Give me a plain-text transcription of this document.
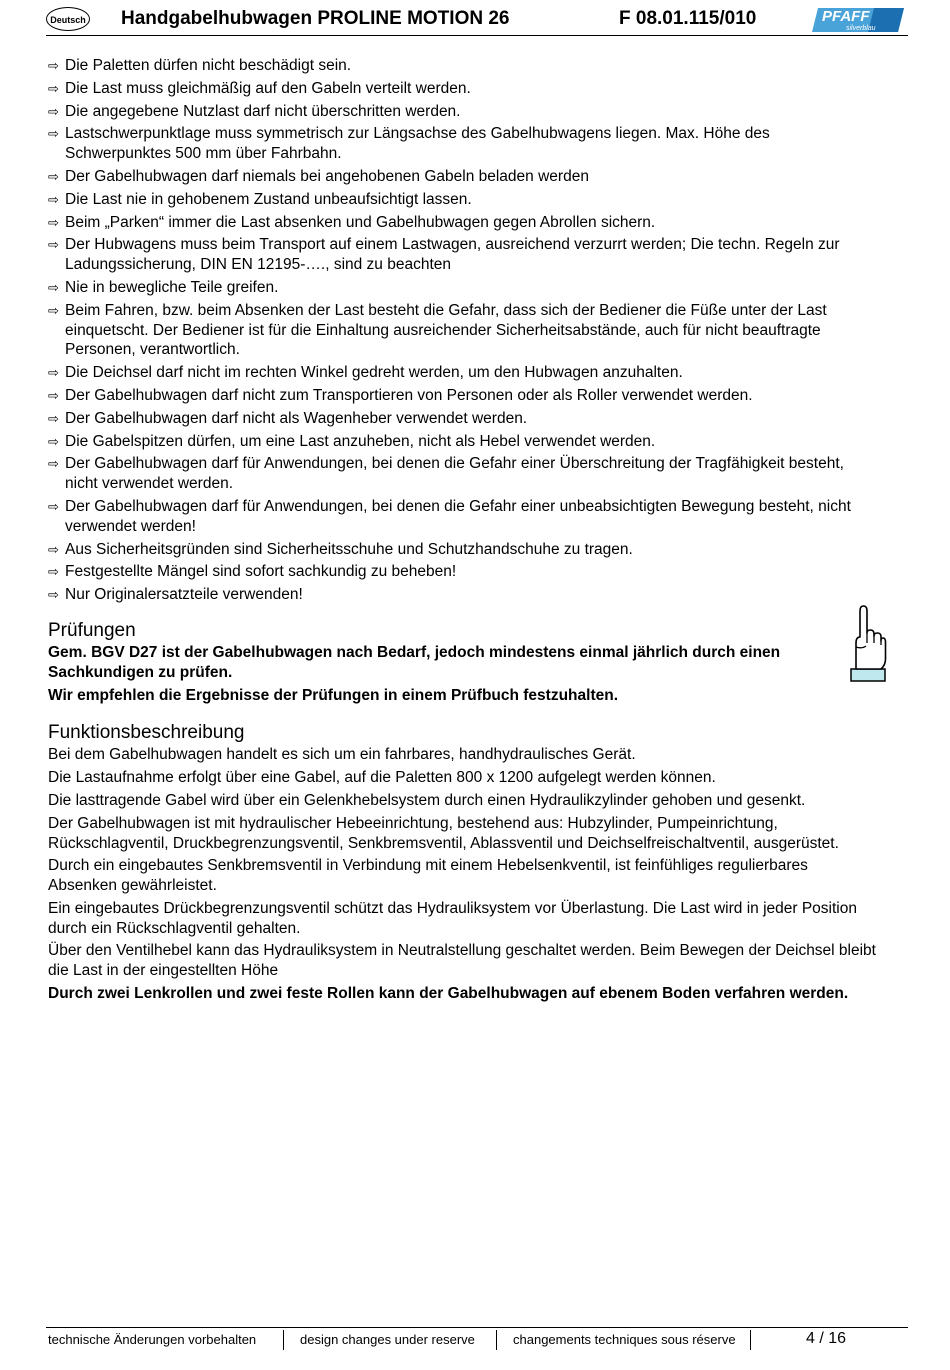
Deutsch Handgabelhubwagen PROLINE MOTION 26	F 08.01.115/010	PFAFF
silverblau
⇨ Die Paletten dürfen nicht beschädigt sein.
⇨ Die Last muss gleichmäßig auf den Gabeln verteilt werden.
⇨ Die angegebene Nutzlast darf nicht überschritten werden.
⇨ Lastschwerpunktlage muss symmetrisch zur Längsachse des Gabelhubwagens liegen. Max. Höhe des Schwerpunktes 500 mm über Fahrbahn.
⇨ Der Gabelhubwagen darf niemals bei angehobenen Gabeln beladen werden
⇨ Die Last nie in gehobenem Zustand unbeaufsichtigt lassen.
⇨ Beim „Parken“ immer die Last absenken und Gabelhubwagen gegen Abrollen sichern.
⇨ Der Hubwagens muss beim Transport auf einem Lastwagen, ausreichend verzurrt werden; Die techn. Regeln zur Ladungssicherung, DIN EN 12195-…., sind zu beachten
⇨ Nie in bewegliche Teile greifen.
⇨ Beim Fahren, bzw. beim Absenken der Last besteht die Gefahr, dass sich der Bediener die Füße unter der Last einquetscht. Der Bediener ist für die Einhaltung ausreichender Sicherheitsabstände, auch für nicht beauftragte Personen, verantwortlich.
⇨ Die Deichsel darf nicht im rechten Winkel gedreht werden, um den Hubwagen anzuhalten.
⇨ Der Gabelhubwagen darf nicht zum Transportieren von Personen oder als Roller verwendet werden.
⇨ Der Gabelhubwagen darf nicht als Wagenheber verwendet werden.
⇨ Die Gabelspitzen dürfen, um eine Last anzuheben, nicht als Hebel verwendet werden.
⇨ Der Gabelhubwagen darf für Anwendungen, bei denen die Gefahr einer Überschreitung der Tragfähigkeit besteht, nicht verwendet werden.
⇨ Der Gabelhubwagen darf für Anwendungen, bei denen die Gefahr einer unbeabsichtigten Bewegung besteht, nicht verwendet werden!
⇨ Aus Sicherheitsgründen sind Sicherheitsschuhe und Schutzhandschuhe zu tragen.
⇨ Festgestellte Mängel sind sofort sachkundig zu beheben!
⇨ Nur Originalersatzteile verwenden!
Prüfungen

Gem. BGV D27 ist der Gabelhubwagen nach Bedarf, jedoch mindestens einmal jährlich durch einen Sachkundigen zu prüfen.

Wir empfehlen die Ergebnisse der Prüfungen in einem Prüfbuch festzuhalten.

Funktionsbeschreibung

Bei dem Gabelhubwagen handelt es sich um ein fahrbares, handhydraulisches Gerät.

Die Lastaufnahme erfolgt über eine Gabel, auf die Paletten 800 x 1200 aufgelegt werden können.

Die lasttragende Gabel wird über ein Gelenkhebelsystem durch einen Hydraulikzylinder gehoben und gesenkt.

Der Gabelhubwagen ist mit hydraulischer Hebeeinrichtung, bestehend aus: Hubzylinder, Pumpeinrichtung, Rückschlagventil, Druckbegrenzungsventil, Senkbremsventil, Ablassventil und Deichselfreischaltventil, ausgerüstet.

Durch ein eingebautes Senkbremsventil in Verbindung mit einem Hebelsenkventil, ist feinfühliges regulierbares Absenken gewährleistet.

Ein eingebautes Drückbegrenzungsventil schützt das Hydrauliksystem vor Überlastung. Die Last wird in jeder Position durch ein Rückschlagventil gehalten.

Über den Ventilhebel kann das Hydrauliksystem in Neutralstellung geschaltet werden. Beim Bewegen der Deichsel bleibt die Last in der eingestellten Höhe

Durch zwei Lenkrollen und zwei feste Rollen kann der Gabelhubwagen auf ebenem Boden verfahren werden.

technische Änderungen vorbehalten	design changes under reserve	changements techniques sous réserve	4 / 16
